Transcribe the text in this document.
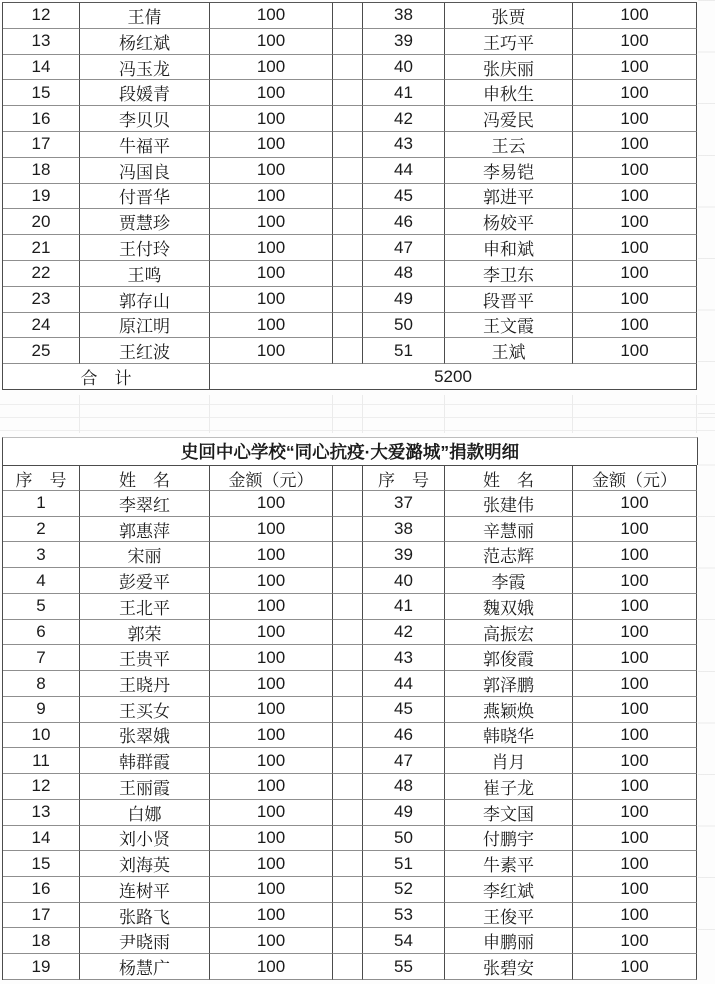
12	王倩	100	38	张贾	100
13	杨红斌	100	39	王巧平	100
14	冯玉龙	100	40	张庆丽	100
15	段媛青	100	41	申秋生	100
16	李贝贝	100	42	冯爱民	100
17	牛福平	100	43	王云	100
18	冯国良	100	44	李易铠	100
19	付晋华	100	45	郭进平	100
20	贾慧珍	100	46	杨姣平	100
21	王付玲	100	47	申和斌	100
22	王鸣	100	48	李卫东	100
23	郭存山	100	49	段晋平	100
24	原江明	100	50	王文霞	100
25	王红波	100	51	王斌	100
合　计	5200
史回中心学校“同心抗疫·大爱潞城”捐款明细
序　号	姓　名	金额（元）	序　号	姓　名	金额（元）
1	李翠红	100	37	张建伟	100
2	郭惠萍	100	38	辛慧丽	100
3	宋丽	100	39	范志辉	100
4	彭爱平	100	40	李霞	100
5	王北平	100	41	魏双娥	100
6	郭荣	100	42	高振宏	100
7	王贵平	100	43	郭俊霞	100
8	王晓丹	100	44	郭泽鹏	100
9	王买女	100	45	燕颖焕	100
10	张翠娥	100	46	韩晓华	100
11	韩群霞	100	47	肖月	100
12	王丽霞	100	48	崔子龙	100
13	白娜	100	49	李文国	100
14	刘小贤	100	50	付鹏宇	100
15	刘海英	100	51	牛素平	100
16	连树平	100	52	李红斌	100
17	张路飞	100	53	王俊平	100
18	尹晓雨	100	54	申鹏丽	100
19	杨慧广	100	55	张碧安	100
